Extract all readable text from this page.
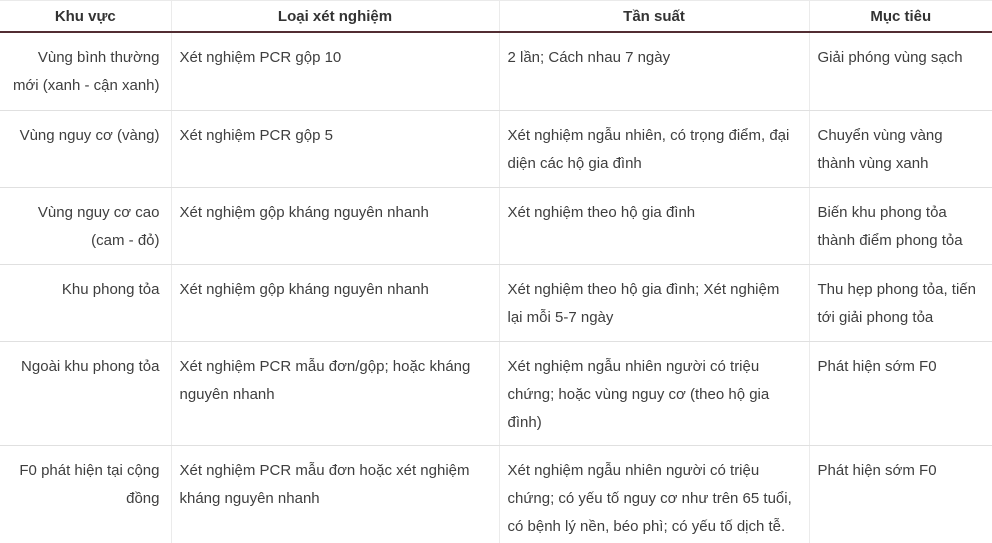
Khu vực	Loại xét nghiệm	Tần suất	Mục tiêu
Vùng bình thường mới (xanh - cận xanh)	Xét nghiệm PCR gộp 10	2 lần; Cách nhau 7 ngày	Giải phóng vùng sạch
Vùng nguy cơ (vàng)	Xét nghiệm PCR gộp 5	Xét nghiệm ngẫu nhiên, có trọng điểm, đại diện các hộ gia đình	Chuyển vùng vàng thành vùng xanh
Vùng nguy cơ cao (cam - đỏ)	Xét nghiệm gộp kháng nguyên nhanh	Xét nghiệm theo hộ gia đình	Biến khu phong tỏa thành điểm phong tỏa
Khu phong tỏa	Xét nghiệm gộp kháng nguyên nhanh	Xét nghiệm theo hộ gia đình; Xét nghiệm lại mỗi 5-7 ngày	Thu hẹp phong tỏa, tiến tới giải phong tỏa
Ngoài khu phong tỏa	Xét nghiệm PCR mẫu đơn/gộp; hoặc kháng nguyên nhanh	Xét nghiệm ngẫu nhiên người có triệu chứng; hoặc vùng nguy cơ (theo hộ gia đình)	Phát hiện sớm F0
F0 phát hiện tại cộng đồng	Xét nghiệm PCR mẫu đơn hoặc xét nghiệm kháng nguyên nhanh	Xét nghiệm ngẫu nhiên người có triệu chứng; có yếu tố nguy cơ như trên 65 tuổi, có bệnh lý nền, béo phì; có yếu tố dịch tễ.	Phát hiện sớm F0
